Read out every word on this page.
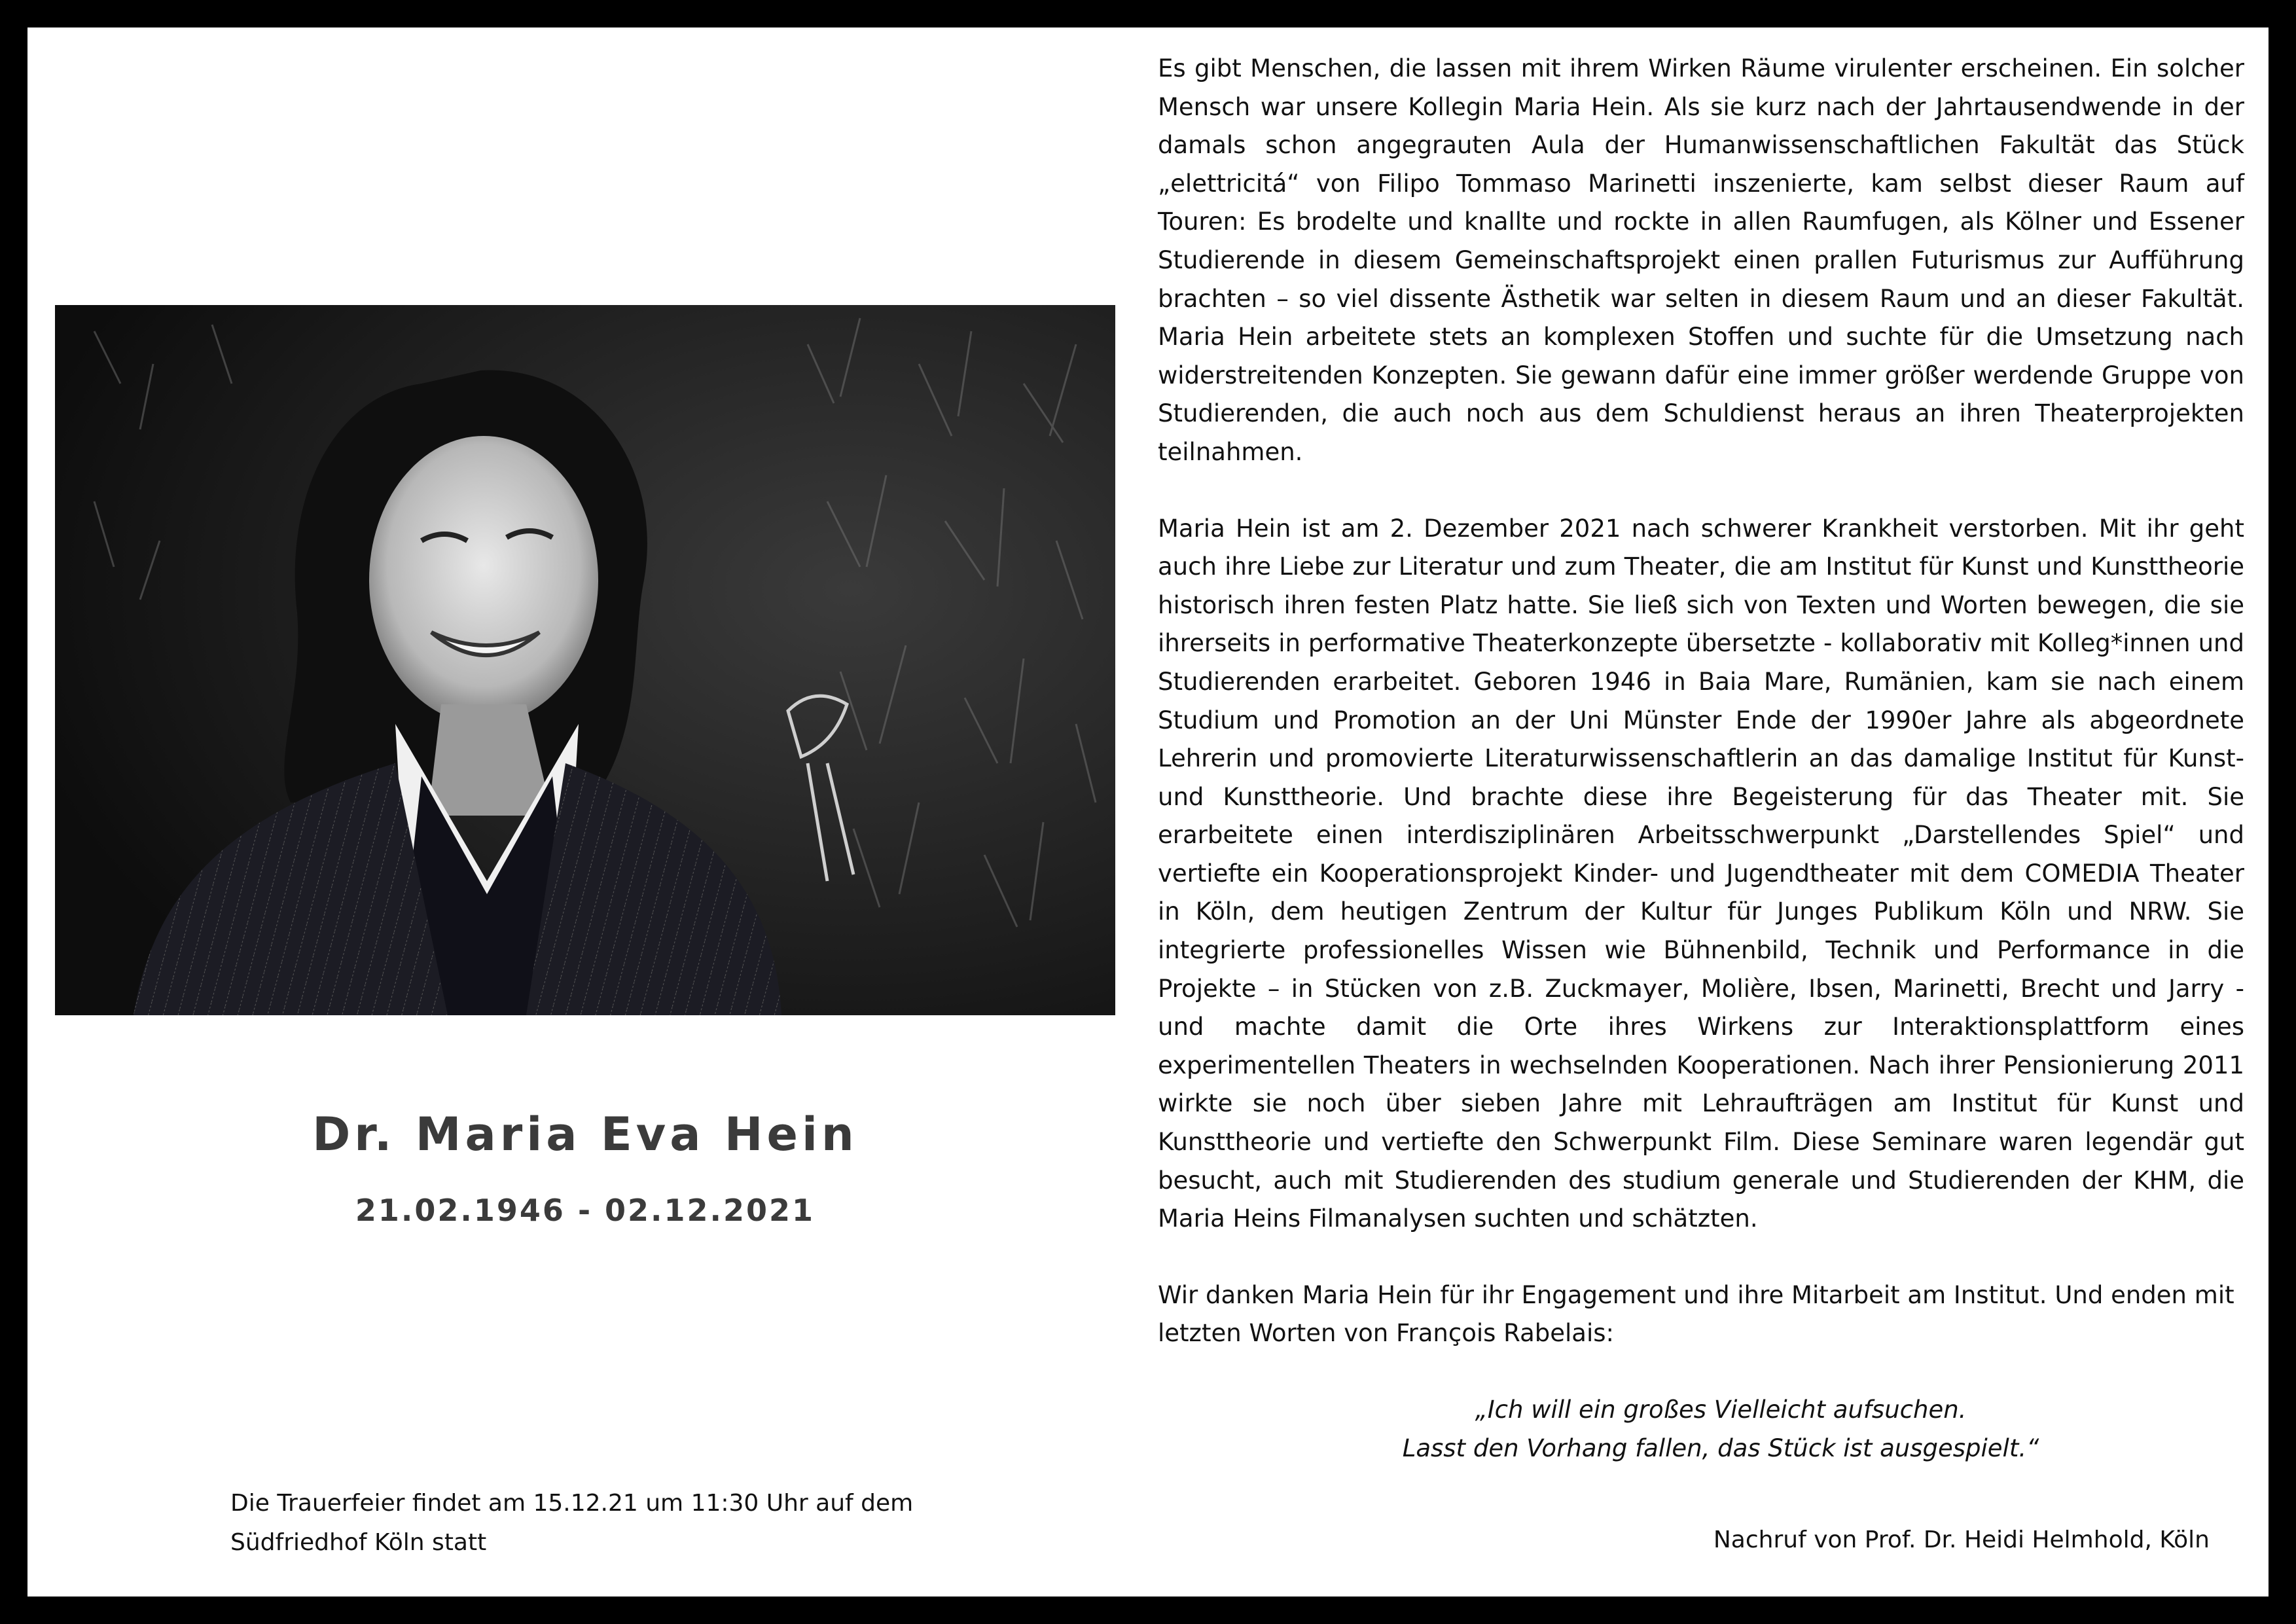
Dr. Maria Eva Hein
21.02.1946 - 02.12.2021
Die Trauerfeier findet am 15.12.21 um 11:30 Uhr auf dem Südfriedhof Köln statt

Es gibt Menschen, die lassen mit ihrem Wirken Räume virulenter erscheinen. Ein solcher Mensch war unsere Kollegin Maria Hein. Als sie kurz nach der Jahrtausendwende in der damals schon angegrauten Aula der Humanwissenschaftlichen Fakultät das Stück „elettricitá“ von Filipo Tommaso Marinetti inszenierte, kam selbst dieser Raum auf Touren: Es brodelte und knallte und rockte in allen Raumfugen, als Kölner und Essener Studierende in diesem Gemeinschaftsprojekt einen prallen Futurismus zur Aufführung brachten – so viel dissente Ästhetik war selten in diesem Raum und an dieser Fakultät. Maria Hein arbeitete stets an komplexen Stoffen und suchte für die Umsetzung nach widerstreitenden Konzepten. Sie gewann dafür eine immer größer werdende Gruppe von Studierenden, die auch noch aus dem Schuldienst heraus an ihren Theaterprojekten teilnahmen.

Maria Hein ist am 2. Dezember 2021 nach schwerer Krankheit verstorben. Mit ihr geht auch ihre Liebe zur Literatur und zum Theater, die am Institut für Kunst und Kunsttheorie historisch ihren festen Platz hatte. Sie ließ sich von Texten und Worten bewegen, die sie ihrerseits in performative Theaterkonzepte übersetzte - kollaborativ mit Kolleg*innen und Studierenden erarbeitet. Geboren 1946 in Baia Mare, Rumänien, kam sie nach einem Studium und Promotion an der Uni Münster Ende der 1990er Jahre als abgeordnete Lehrerin und promovierte Literaturwissenschaftlerin an das damalige Institut für Kunst- und Kunsttheorie. Und brachte diese ihre Begeisterung für das Theater mit. Sie erarbeitete einen interdisziplinären Arbeitsschwerpunkt „Darstellendes Spiel“ und vertiefte ein Kooperationsprojekt Kinder- und Jugendtheater mit dem COMEDIA Theater in Köln, dem heutigen Zentrum der Kultur für Junges Publikum Köln und NRW. Sie integrierte professionelles Wissen wie Bühnenbild, Technik und Performance in die Projekte – in Stücken von z.B. Zuckmayer, Molière, Ibsen, Marinetti, Brecht und Jarry - und machte damit die Orte ihres Wirkens zur Interaktionsplattform eines experimentellen Theaters in wechselnden Kooperationen. Nach ihrer Pensionierung 2011 wirkte sie noch über sieben Jahre mit Lehraufträgen am Institut für Kunst und Kunsttheorie und vertiefte den Schwerpunkt Film. Diese Seminare waren legendär gut besucht, auch mit Studierenden des studium generale und Studierenden der KHM, die Maria Heins Filmanalysen suchten und schätzten.

Wir danken Maria Hein für ihr Engagement und ihre Mitarbeit am Institut. Und enden mit letzten Worten von François Rabelais:

„Ich will ein großes Vielleicht aufsuchen.
Lasst den Vorhang fallen, das Stück ist ausgespielt.“

Nachruf von Prof. Dr. Heidi Helmhold, Köln
